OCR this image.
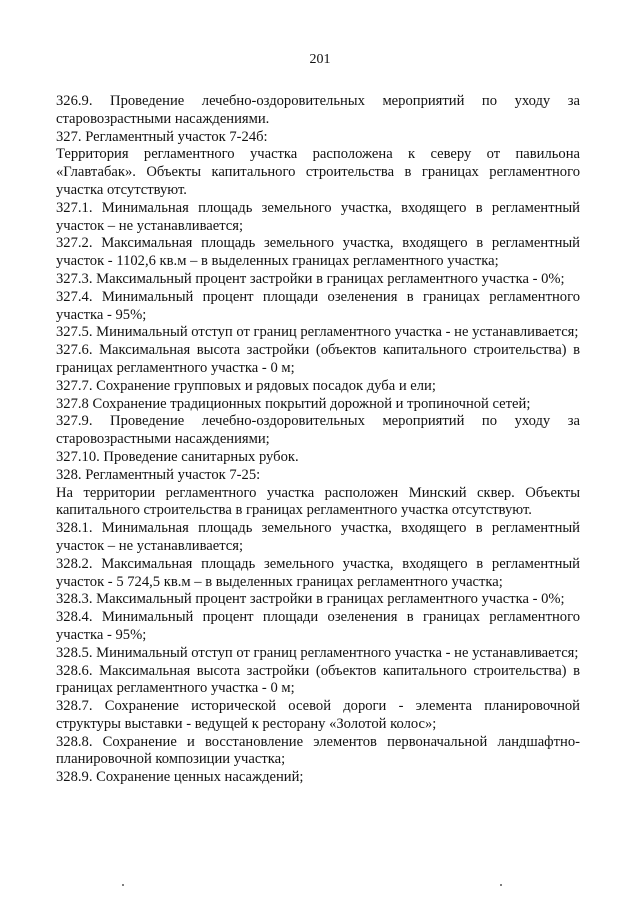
201

326.9. Проведение лечебно-оздоровительных мероприятий по уходу за старовозрастными насаждениями.

327. Регламентный участок 7-24б:

Территория регламентного участка расположена к северу от павильона «Главтабак». Объекты капитального строительства в границах регламентного участка отсутствуют.

327.1. Минимальная площадь земельного участка, входящего в регламентный участок – не устанавливается;

327.2. Максимальная площадь земельного участка, входящего в регламентный участок - 1102,6 кв.м – в выделенных границах регламентного участка;

327.3. Максимальный процент застройки в границах регламентного участка - 0%;

327.4. Минимальный процент площади озеленения в границах регламентного участка - 95%;

327.5. Минимальный отступ от границ регламентного участка - не устанавливается;

327.6. Максимальная высота застройки (объектов капитального строительства) в границах регламентного участка - 0 м;

327.7. Сохранение групповых и рядовых посадок дуба и ели;

327.8 Сохранение традиционных покрытий дорожной и тропиночной сетей;

327.9. Проведение лечебно-оздоровительных мероприятий по уходу за старовозрастными насаждениями;

327.10. Проведение санитарных рубок.

328. Регламентный участок 7-25:

На территории регламентного участка расположен Минский сквер. Объекты капитального строительства в границах регламентного участка отсутствуют.

328.1. Минимальная площадь земельного участка, входящего в регламентный участок – не устанавливается;

328.2. Максимальная площадь земельного участка, входящего в регламентный участок - 5 724,5 кв.м – в выделенных границах регламентного участка;

328.3. Максимальный процент застройки в границах регламентного участка - 0%;

328.4. Минимальный процент площади озеленения в границах регламентного участка - 95%;

328.5. Минимальный отступ от границ регламентного участка - не устанавливается;

328.6. Максимальная высота застройки (объектов капитального строительства) в границах регламентного участка - 0 м;

328.7. Сохранение исторической осевой дороги - элемента планировочной структуры выставки - ведущей к ресторану «Золотой колос»;

328.8. Сохранение и восстановление элементов первоначальной ландшафтно-планировочной композиции участка;

328.9. Сохранение ценных насаждений;
